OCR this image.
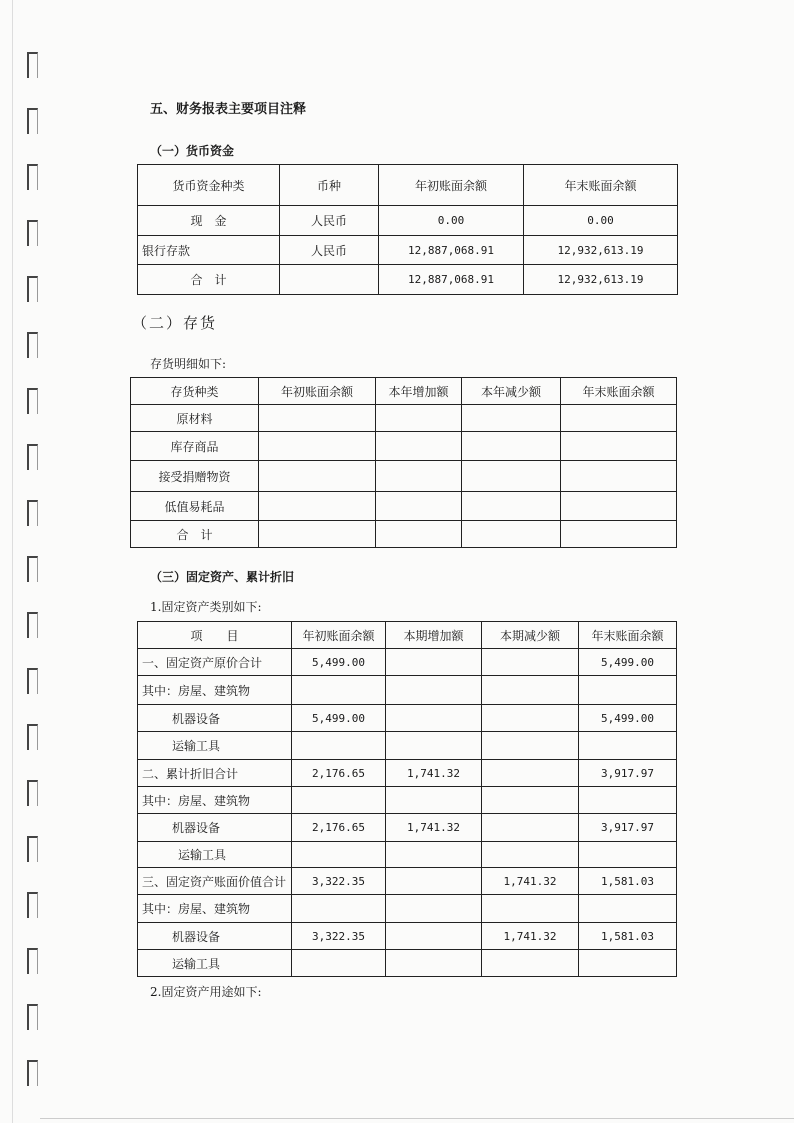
五、财务报表主要项目注释
（一）货币资金
货币资金种类	币种	年初账面余额	年末账面余额
现　金	人民币	0.00	0.00
银行存款	人民币	12,887,068.91	12,932,613.19
合　计		12,887,068.91	12,932,613.19
（二）存货
存货明细如下:
存货种类	年初账面余额	本年增加额	本年减少额	年末账面余额
原材料				
库存商品				
接受捐赠物资				
低值易耗品				
合　计				
（三）固定资产、累计折旧
1.固定资产类别如下:
项　　目	年初账面余额	本期增加额	本期减少额	年末账面余额
一、固定资产原价合计	5,499.00			5,499.00
其中：房屋、建筑物				
机器设备	5,499.00			5,499.00
运输工具				
二、累计折旧合计	2,176.65	1,741.32		3,917.97
其中：房屋、建筑物				
机器设备	2,176.65	1,741.32		3,917.97
运输工具				
三、固定资产账面价值合计	3,322.35		1,741.32	1,581.03
其中：房屋、建筑物				
机器设备	3,322.35		1,741.32	1,581.03
运输工具				
2.固定资产用途如下:
